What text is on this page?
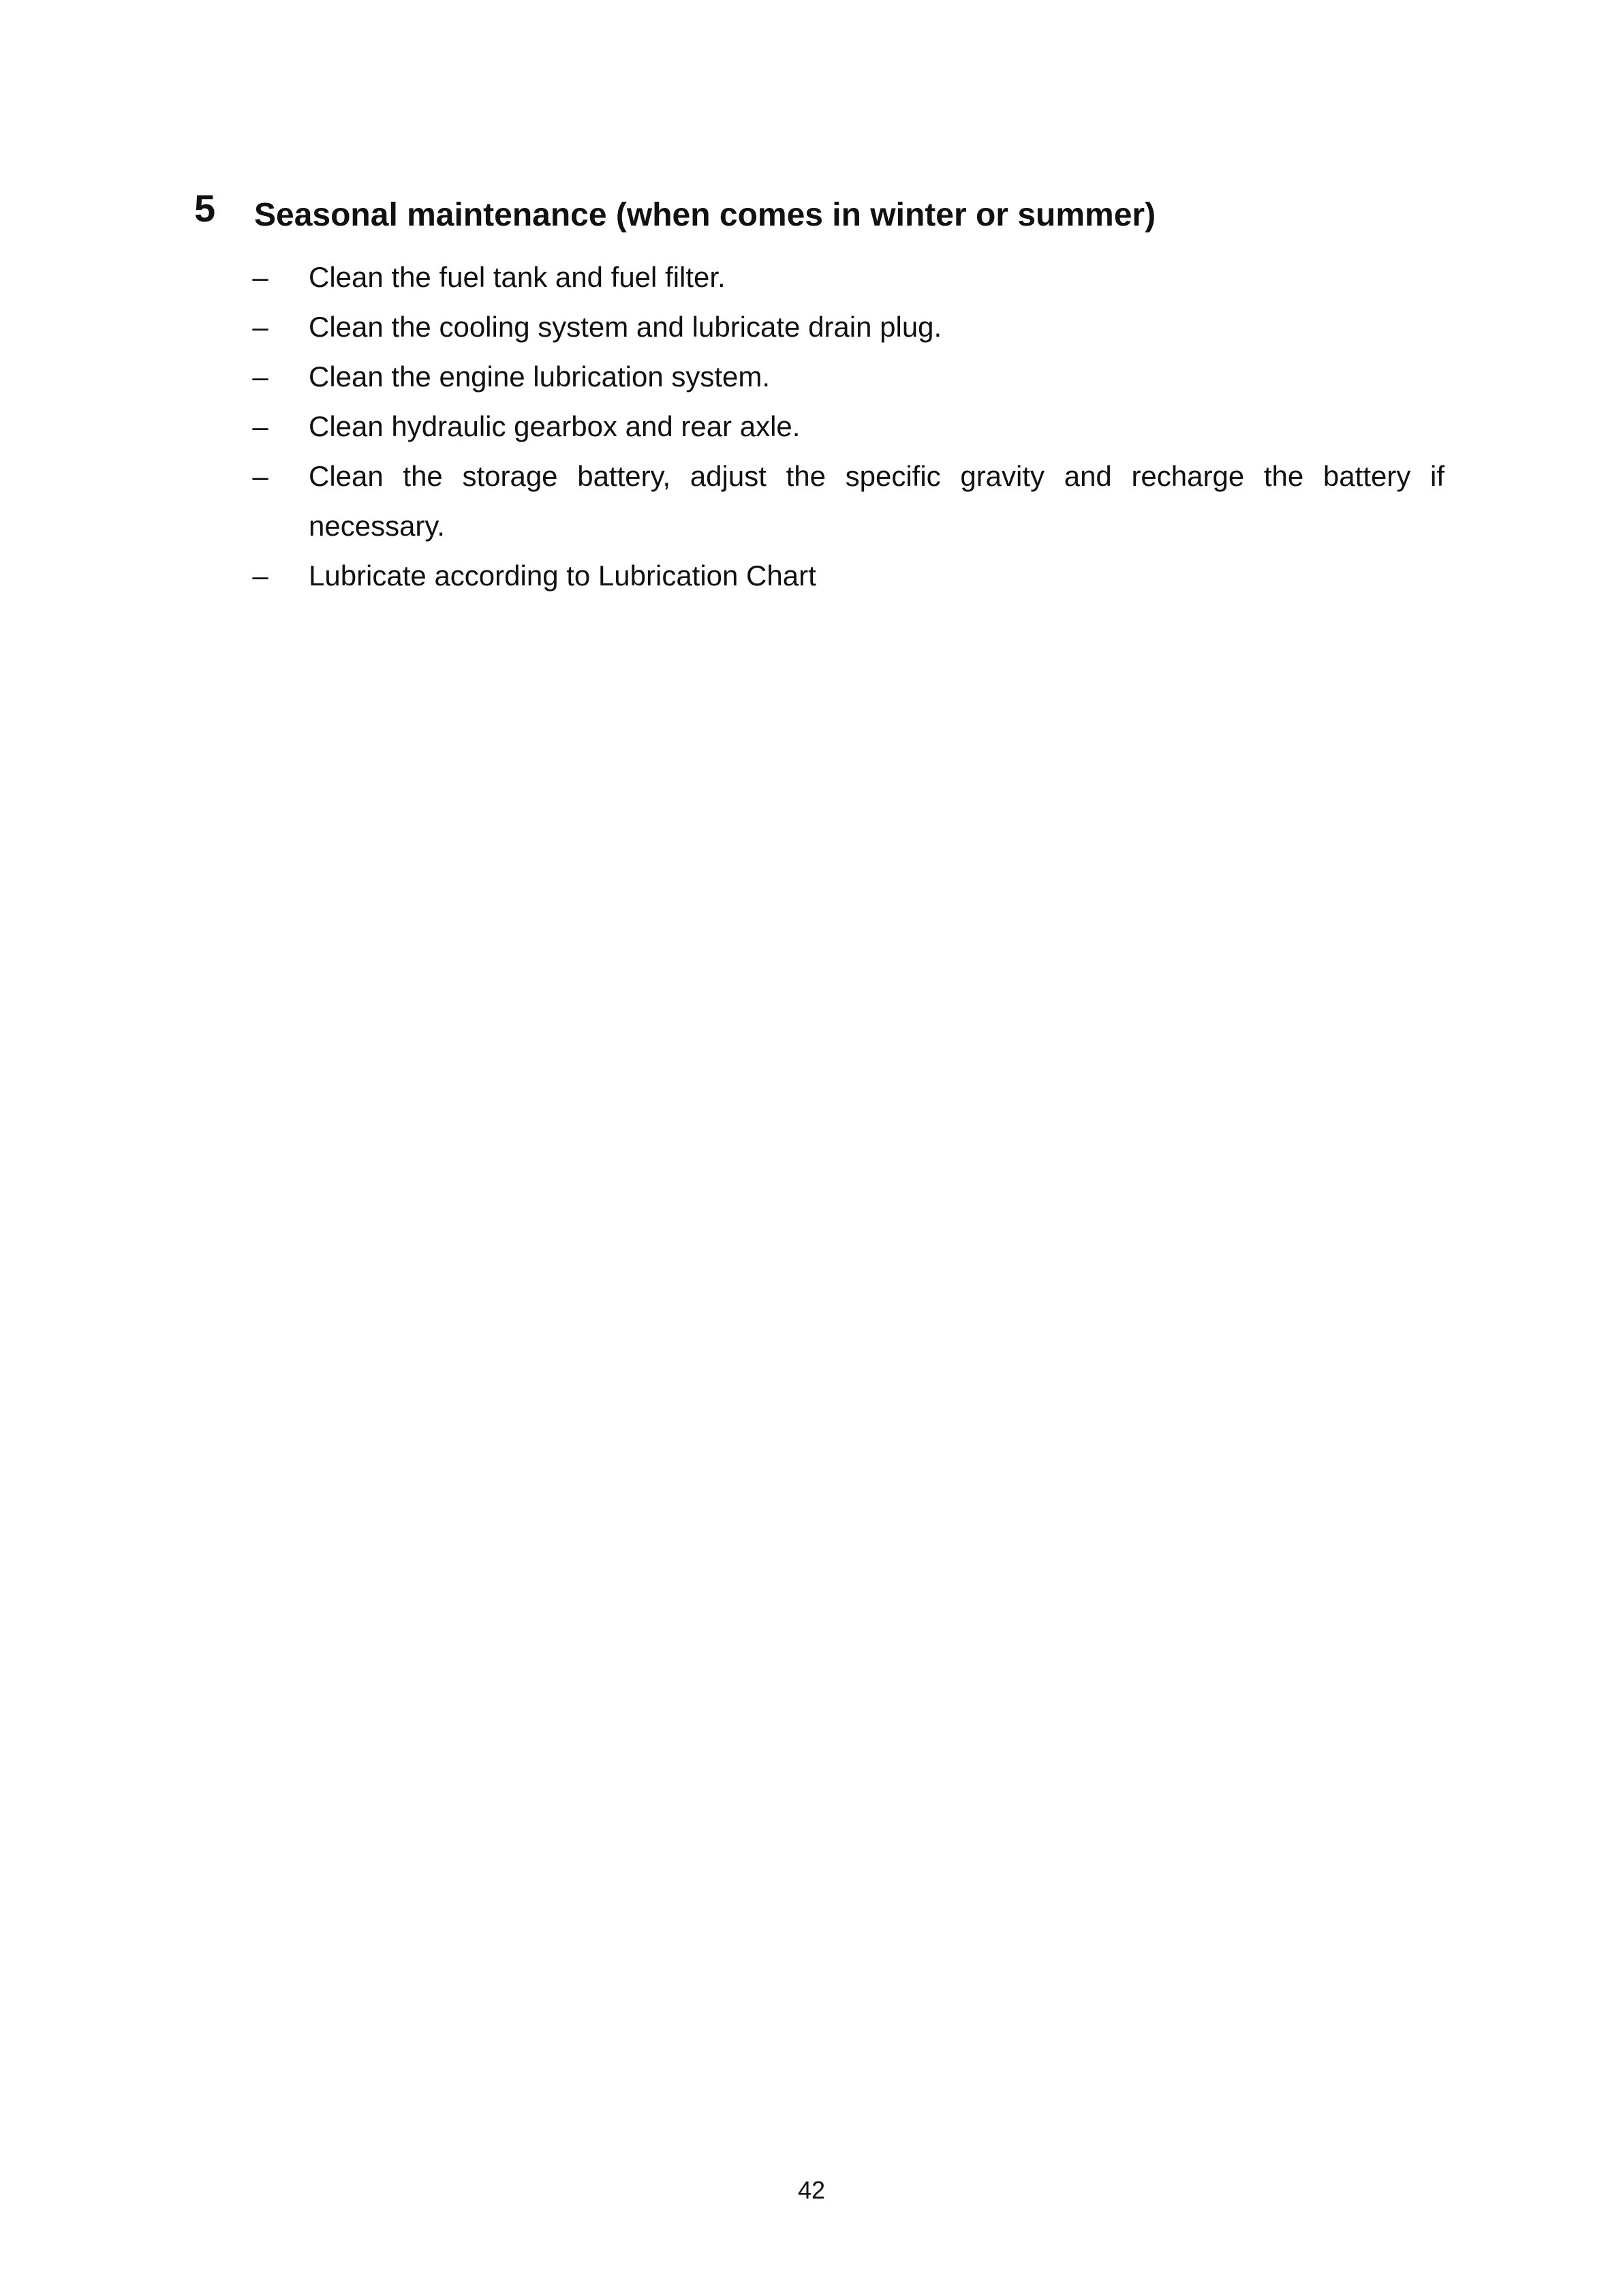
5 Seasonal maintenance (when comes in winter or summer)
– Clean the fuel tank and fuel filter.
– Clean the cooling system and lubricate drain plug.
– Clean the engine lubrication system.
– Clean hydraulic gearbox and rear axle.
– Clean the storage battery, adjust the specific gravity and recharge the battery if necessary.
– Lubricate according to Lubrication Chart
42
